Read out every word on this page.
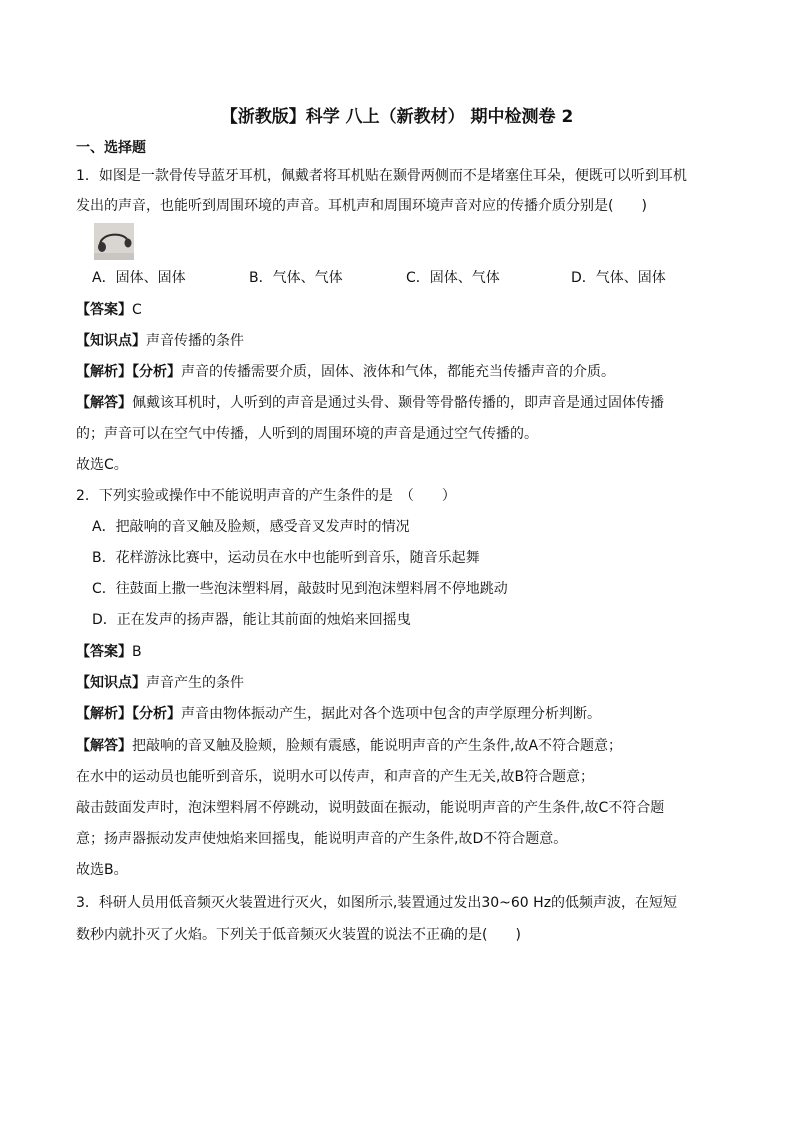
【浙教版】科学 八上（新教材） 期中检测卷 2
一、选择题
1．如图是一款骨传导蓝牙耳机，佩戴者将耳机贴在颞骨两侧而不是堵塞住耳朵，便既可以听到耳机
发出的声音，也能听到周围环境的声音。耳机声和周围环境声音对应的传播介质分别是(　　)
A．固体、固体	B．气体、气体	C．固体、气体	D．气体、固体
【答案】C
【知识点】声音传播的条件
【解析】【分析】声音的传播需要介质，固体、液体和气体，都能充当传播声音的介质。
【解答】佩戴该耳机时，人听到的声音是通过头骨、颞骨等骨骼传播的，即声音是通过固体传播
的；声音可以在空气中传播，人听到的周围环境的声音是通过空气传播的。
故选C。
2．下列实验或操作中不能说明声音的产生条件的是　（　　）
A．把敲响的音叉触及脸颊，感受音叉发声时的情况
B．花样游泳比赛中，运动员在水中也能听到音乐，随音乐起舞
C．往鼓面上撒一些泡沫塑料屑，敲鼓时见到泡沫塑料屑不停地跳动
D．正在发声的扬声器，能让其前面的烛焰来回摇曳
【答案】B
【知识点】声音产生的条件
【解析】【分析】声音由物体振动产生，据此对各个选项中包含的声学原理分析判断。
【解答】把敲响的音叉触及脸颊，脸颊有震感，能说明声音的产生条件,故A不符合题意；
在水中的运动员也能听到音乐，说明水可以传声，和声音的产生无关,故B符合题意；
敲击鼓面发声时，泡沫塑料屑不停跳动，说明鼓面在振动，能说明声音的产生条件,故C不符合题
意；扬声器振动发声使烛焰来回摇曳，能说明声音的产生条件,故D不符合题意。
故选B。
3．科研人员用低音频灭火装置进行灭火，如图所示,装置通过发出30~60 Hz的低频声波，在短短
数秒内就扑灭了火焰。下列关于低音频灭火装置的说法不正确的是(　　)
